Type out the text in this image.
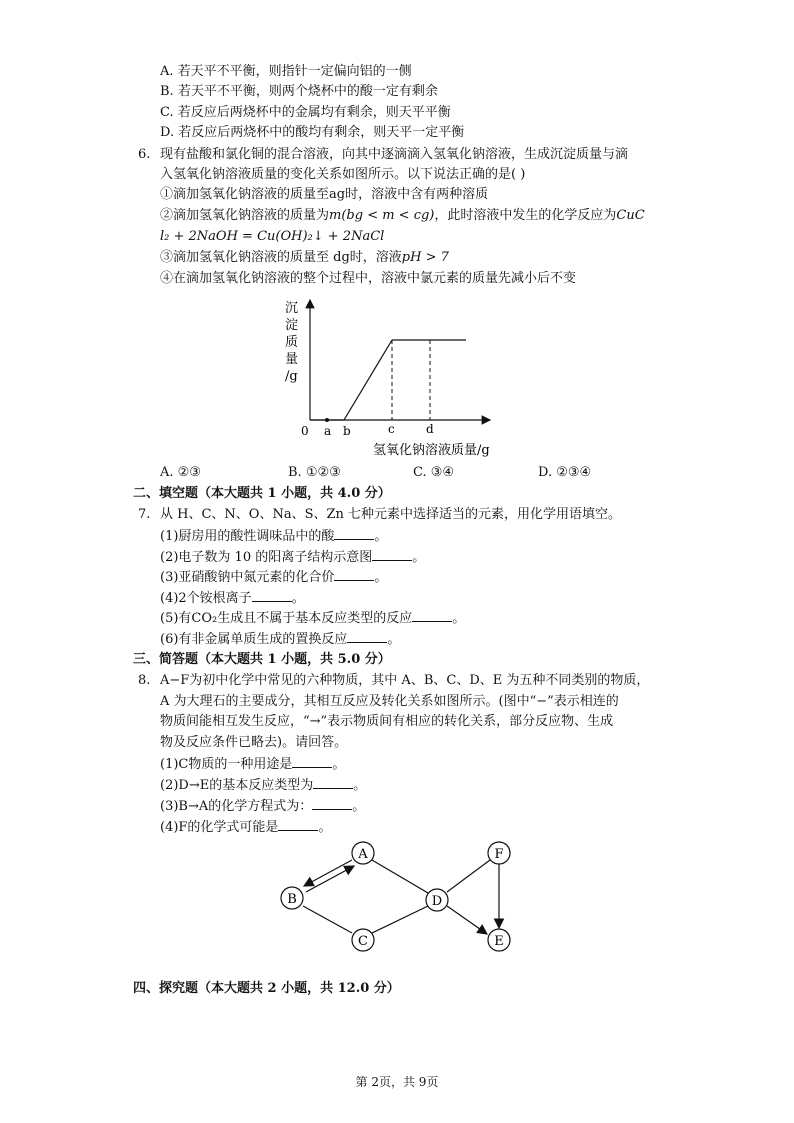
A. 若天平不平衡，则指针一定偏向铝的一侧
B. 若天平不平衡，则两个烧杯中的酸一定有剩余
C. 若反应后两烧杯中的金属均有剩余，则天平平衡
D. 若反应后两烧杯中的酸均有剩余，则天平一定平衡
6. 现有盐酸和氯化铜的混合溶液，向其中逐滴滴入氢氧化钠溶液，生成沉淀质量与滴
入氢氧化钠溶液质量的变化关系如图所示。以下说法正确的是( )
①滴加氢氧化钠溶液的质量至ag时，溶液中含有两种溶质
②滴加氢氧化钠溶液的质量为m(bg < m < cg)，此时溶液中发生的化学反应为CuC
l₂ + 2NaOH = Cu(OH)₂↓ + 2NaCl
③滴加氢氧化钠溶液的质量至 dg时，溶液pH > 7
④在滴加氢氧化钠溶液的整个过程中，溶液中氯元素的质量先减小后不变
沉
淀
质
量
/g
0 a b	c	d
氢氧化钠溶液质量/g
A. ②③	B. ①②③	C. ③④	D. ②③④
二、填空题（本大题共 1 小题，共 4.0 分）
7. 从 H、C、N、O、Na、S、Zn 七种元素中选择适当的元素，用化学用语填空。
(1)厨房用的酸性调味品中的酸	。
(2)电子数为 10 的阳离子结构示意图	。
(3)亚硝酸钠中氮元素的化合价	。
(4)2个铵根离子	。
(5)有CO₂生成且不属于基本反应类型的反应	。
(6)有非金属单质生成的置换反应	。
三、简答题（本大题共 1 小题，共 5.0 分）
8. A−F为初中化学中常见的六种物质，其中 A、B、C、D、E 为五种不同类别的物质，
A 为大理石的主要成分，其相互反应及转化关系如图所示。(图中“−”表示相连的
物质间能相互发生反应，“→”表示物质间有相应的转化关系，部分反应物、生成
物及反应条件已略去)。请回答。
(1)C物质的一种用途是	。
(2)D→E的基本反应类型为	。
(3)B→A的化学方程式为：	。
(4)F的化学式可能是	。
A
B
C
D
E
F
四、探究题（本大题共 2 小题，共 12.0 分）
第 2页，共 9页
